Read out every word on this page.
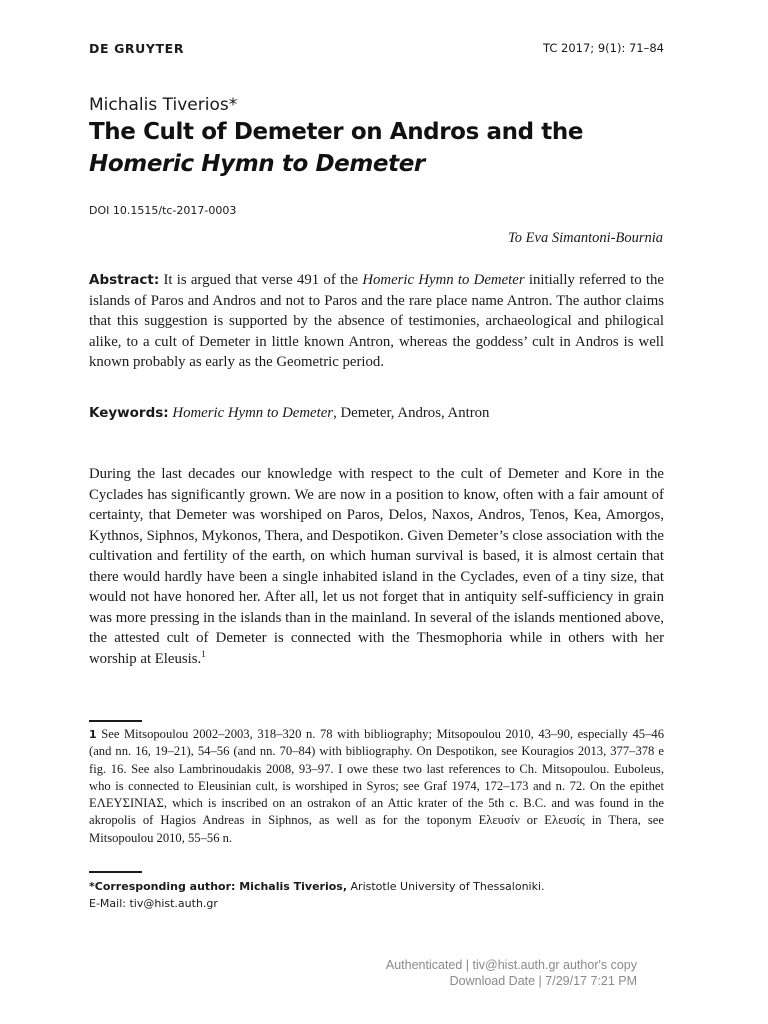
DE GRUYTER	TC 2017; 9(1): 71–84
Michalis Tiverios*
The Cult of Demeter on Andros and the
Homeric Hymn to Demeter
DOI 10.1515/tc-2017-0003
To Eva Simantoni-Bournia
Abstract: It is argued that verse 491 of the Homeric Hymn to Demeter initially referred to the islands of Paros and Andros and not to Paros and the rare place name Antron. The author claims that this suggestion is supported by the absence of testimonies, archaeological and philogical alike, to a cult of Demeter in little known Antron, whereas the goddess’ cult in Andros is well known probably as early as the Geometric period.
Keywords: Homeric Hymn to Demeter, Demeter, Andros, Antron
During the last decades our knowledge with respect to the cult of Demeter and Kore in the Cyclades has significantly grown. We are now in a position to know, often with a fair amount of certainty, that Demeter was worshiped on Paros, Delos, Naxos, Andros, Tenos, Kea, Amorgos, Kythnos, Siphnos, Mykonos, Thera, and Despotikon. Given Demeter’s close association with the cultivation and fertility of the earth, on which human survival is based, it is almost certain that there would hardly have been a single inhabited island in the Cyclades, even of a tiny size, that would not have honored her. After all, let us not forget that in antiquity self-sufficiency in grain was more pressing in the islands than in the mainland. In several of the islands mentioned above, the attested cult of Demeter is connected with the Thesmophoria while in others with her worship at Eleusis.$^1$
1 See Mitsopoulou 2002–2003, 318–320 n. 78 with bibliography; Mitsopoulou 2010, 43–90, especially 45–46 (and nn. 16, 19–21), 54–56 (and nn. 70–84) with bibliography. On Despotikon, see Kouragios 2013, 377–378 e fig. 16. See also Lambrinoudakis 2008, 93–97. I owe these two last references to Ch. Mitsopoulou. Euboleus, who is connected to Eleusinian cult, is worshiped in Syros; see Graf 1974, 172–173 and n. 72. On the epithet ΕΛΕΥΣΙΝΙΑΣ, which is inscribed on an ostrakon of an Attic krater of the 5th c. B.C. and was found in the akropolis of Hagios Andreas in Siphnos, as well as for the toponym Ελευσίν or Ελευσίς in Thera, see Mitsopoulou 2010, 55–56 n.
*Corresponding author: Michalis Tiverios, Aristotle University of Thessaloniki.
E-Mail: tiv@hist.auth.gr
Authenticated | tiv@hist.auth.gr author's copy
Download Date | 7/29/17 7:21 PM
